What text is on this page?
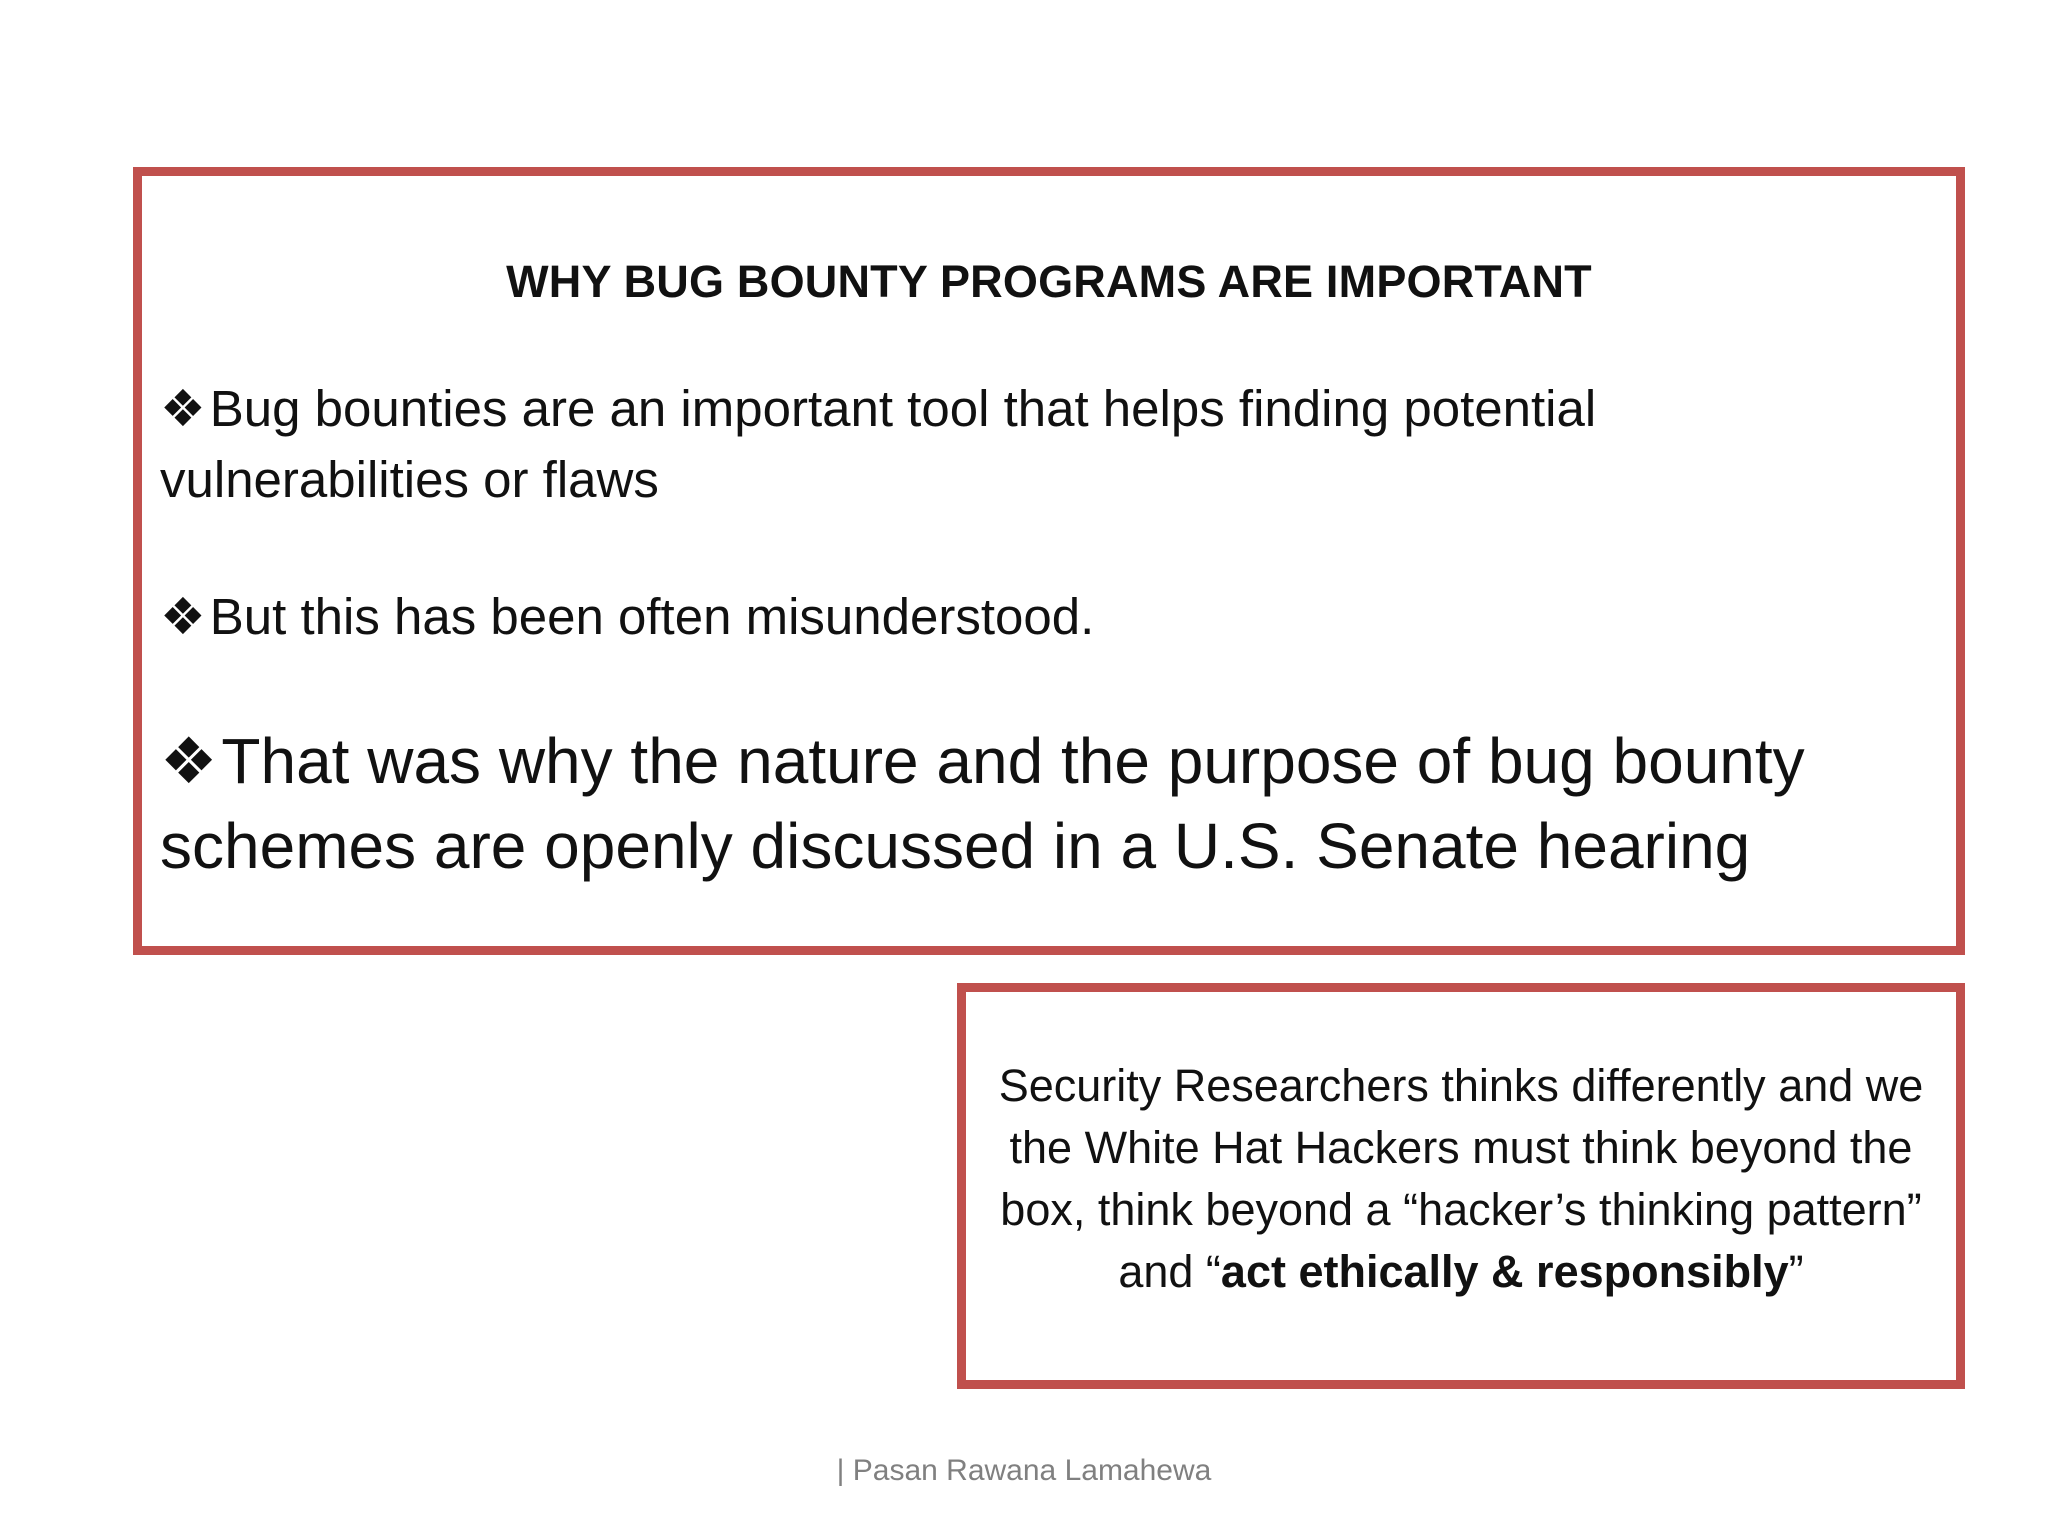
WHY BUG BOUNTY PROGRAMS ARE IMPORTANT
❖Bug bounties are an important tool that helps finding potential vulnerabilities or flaws
❖But this has been often misunderstood.
❖That was why the nature and the purpose of bug bounty schemes are openly discussed in a U.S. Senate hearing
Security Researchers thinks differently and we the White Hat Hackers must think beyond the box, think beyond a “hacker’s thinking pattern” and “act ethically & responsibly”
| Pasan Rawana Lamahewa
